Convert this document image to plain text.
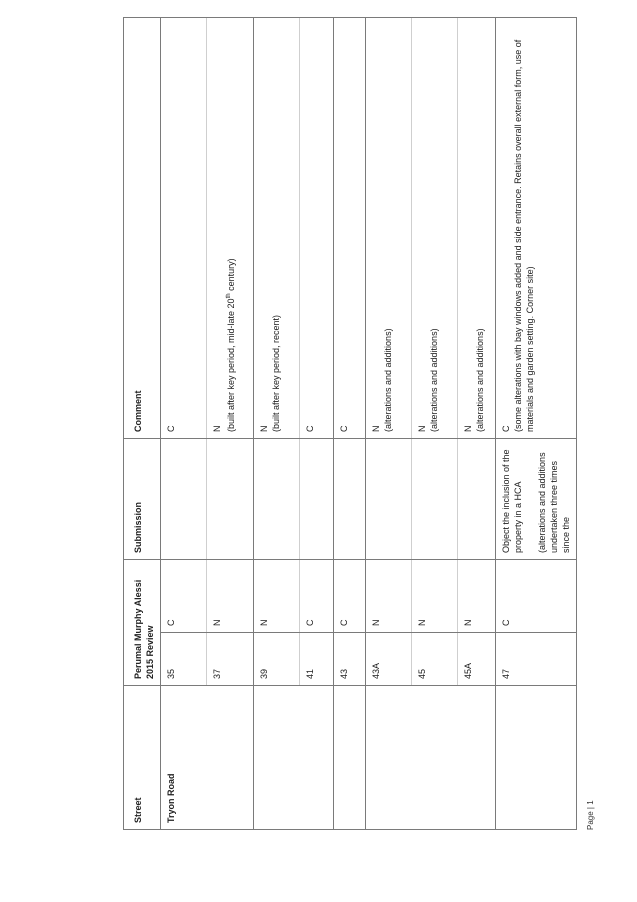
Street	Perumal Murphy Alessi 2015 Review		Submission	Comment
Tryon Road	35	C		C
	37	N		N (built after key period, mid-late 20th century)

	39	N		N (built after key period, recent)

	41	C		C
	43	C		C
	43A	N		N (alterations and additions)

	45	N		N (alterations and additions)

	45A	N		N (alterations and additions)

	47	C	Object the inclusion of the property in a HCA (alterations and additions undertaken three times since the	C (some alterations with bay windows added and side entrance. Retains overall external form, use of materials and garden setting. Corner site)
Page | 1
